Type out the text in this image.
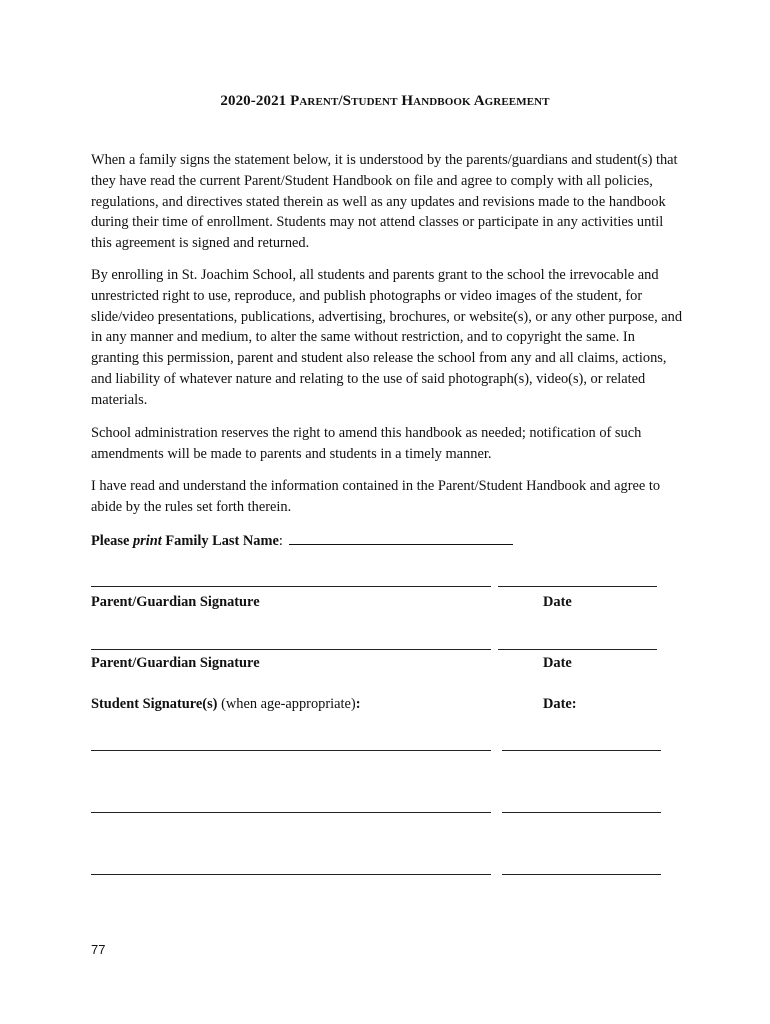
2020-2021 Parent/Student Handbook Agreement

When a family signs the statement below, it is understood by the parents/guardians and student(s) that they have read the current Parent/Student Handbook on file and agree to comply with all policies, regulations, and directives stated therein as well as any updates and revisions made to the handbook during their time of enrollment. Students may not attend classes or participate in any activities until this agreement is signed and returned.

By enrolling in St. Joachim School, all students and parents grant to the school the irrevocable and unrestricted right to use, reproduce, and publish photographs or video images of the student, for slide/video presentations, publications, advertising, brochures, or website(s), or any other purpose, and in any manner and medium, to alter the same without restriction, and to copyright the same. In granting this permission, parent and student also release the school from any and all claims, actions, and liability of whatever nature and relating to the use of said photograph(s), video(s), or related materials.

School administration reserves the right to amend this handbook as needed; notification of such amendments will be made to parents and students in a timely manner.

I have read and understand the information contained in the Parent/Student Handbook and agree to abide by the rules set forth therein.

Please print Family Last Name:
Parent/Guardian Signature	Date
Parent/Guardian Signature	Date
Student Signature(s) (when age-appropriate):	Date:
77
